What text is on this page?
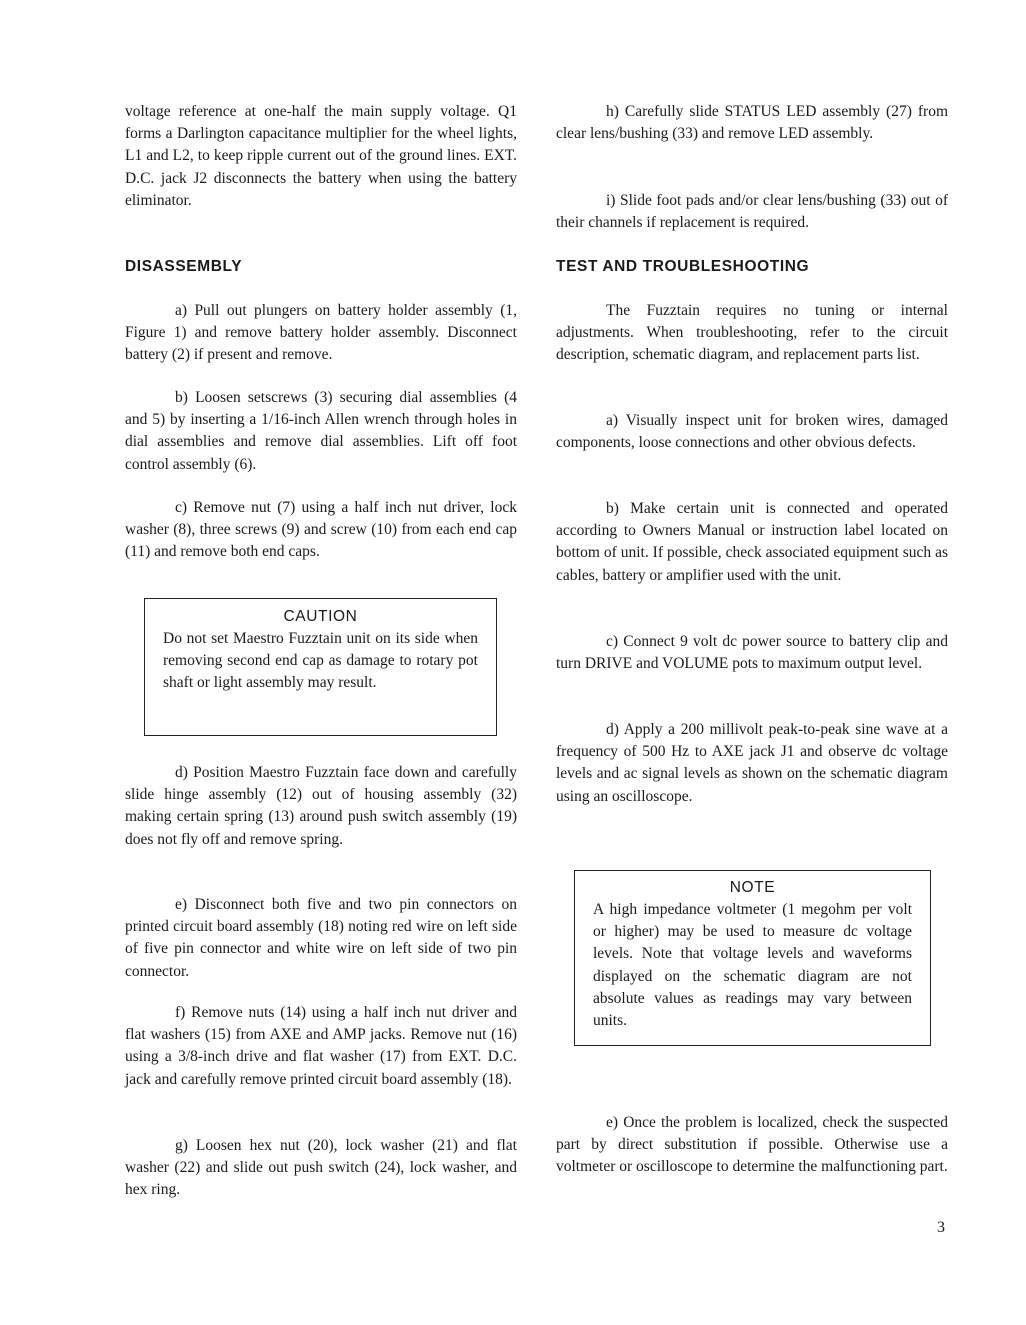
voltage reference at one-half the main supply voltage. Q1 forms a Darlington capacitance multiplier for the wheel lights, L1 and L2, to keep ripple current out of the ground lines. EXT. D.C. jack J2 disconnects the battery when using the battery eliminator.

DISASSEMBLY

a) Pull out plungers on battery holder assembly (1, Figure 1) and remove battery holder assembly. Disconnect battery (2) if present and remove.

b) Loosen setscrews (3) securing dial assemblies (4 and 5) by inserting a 1/16-inch Allen wrench through holes in dial assemblies and remove dial assemblies. Lift off foot control assembly (6).

c) Remove nut (7) using a half inch nut driver, lock washer (8), three screws (9) and screw (10) from each end cap (11) and remove both end caps.

CAUTION

Do not set Maestro Fuzztain unit on its side when removing second end cap as damage to rotary pot shaft or light assembly may result.

d) Position Maestro Fuzztain face down and carefully slide hinge assembly (12) out of housing assembly (32) making certain spring (13) around push switch assembly (19) does not fly off and remove spring.

e) Disconnect both five and two pin connectors on printed circuit board assembly (18) noting red wire on left side of five pin connector and white wire on left side of two pin connector.

f) Remove nuts (14) using a half inch nut driver and flat washers (15) from AXE and AMP jacks. Remove nut (16) using a 3/8-inch drive and flat washer (17) from EXT. D.C. jack and carefully remove printed circuit board assembly (18).

g) Loosen hex nut (20), lock washer (21) and flat washer (22) and slide out push switch (24), lock washer, and hex ring.

h) Carefully slide STATUS LED assembly (27) from clear lens/bushing (33) and remove LED assembly.

i) Slide foot pads and/or clear lens/bushing (33) out of their channels if replacement is required.

TEST AND TROUBLESHOOTING

The Fuzztain requires no tuning or internal adjustments. When troubleshooting, refer to the circuit description, schematic diagram, and replacement parts list.

a) Visually inspect unit for broken wires, damaged components, loose connections and other obvious defects.

b) Make certain unit is connected and operated according to Owners Manual or instruction label located on bottom of unit. If possible, check associated equipment such as cables, battery or amplifier used with the unit.

c) Connect 9 volt dc power source to battery clip and turn DRIVE and VOLUME pots to maximum output level.

d) Apply a 200 millivolt peak-to-peak sine wave at a frequency of 500 Hz to AXE jack J1 and observe dc voltage levels and ac signal levels as shown on the schematic diagram using an oscilloscope.

NOTE

A high impedance voltmeter (1 megohm per volt or higher) may be used to measure dc voltage levels. Note that voltage levels and waveforms displayed on the schematic diagram are not absolute values as readings may vary between units.

e) Once the problem is localized, check the suspected part by direct substitution if possible. Otherwise use a voltmeter or oscilloscope to determine the malfunctioning part.

3
